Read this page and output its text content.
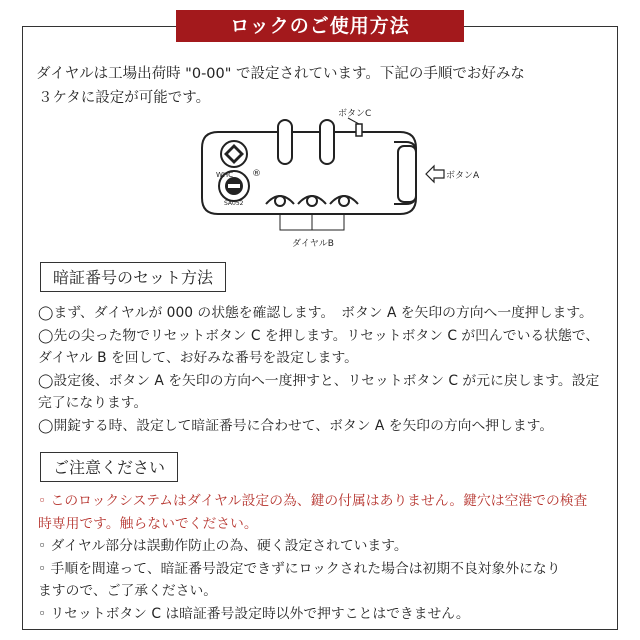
ロックのご使用方法
ダイヤルは工場出荷時 "0-00" で設定されています。下記の手順でお好みな
３ケタに設定が可能です。
WHC
SA052
®
ボタンC
ダイヤルB
ボタンA
暗証番号のセット方法
◯まず、ダイヤルが 000 の状態を確認します。　ボタン A を矢印の方向へ一度押します。
◯先の尖った物でリセットボタン C を押します。リセットボタン C が凹んでいる状態で、
ダイヤル B を回して、お好みな番号を設定します。
◯設定後、ボタン A を矢印の方向へ一度押すと、リセットボタン C が元に戻します。設定
完了になります。
◯開錠する時、設定して暗証番号に合わせて、ボタン A を矢印の方向へ押します。
ご注意ください
◦ このロックシステムはダイヤル設定の為、鍵の付属はありません。鍵穴は空港での検査
時専用です。触らないでください。
◦ ダイヤル部分は誤動作防止の為、硬く設定されています。
◦ 手順を間違って、暗証番号設定できずにロックされた場合は初期不良対象外になり
ますので、ご了承ください。
◦ リセットボタン C は暗証番号設定時以外で押すことはできません。
